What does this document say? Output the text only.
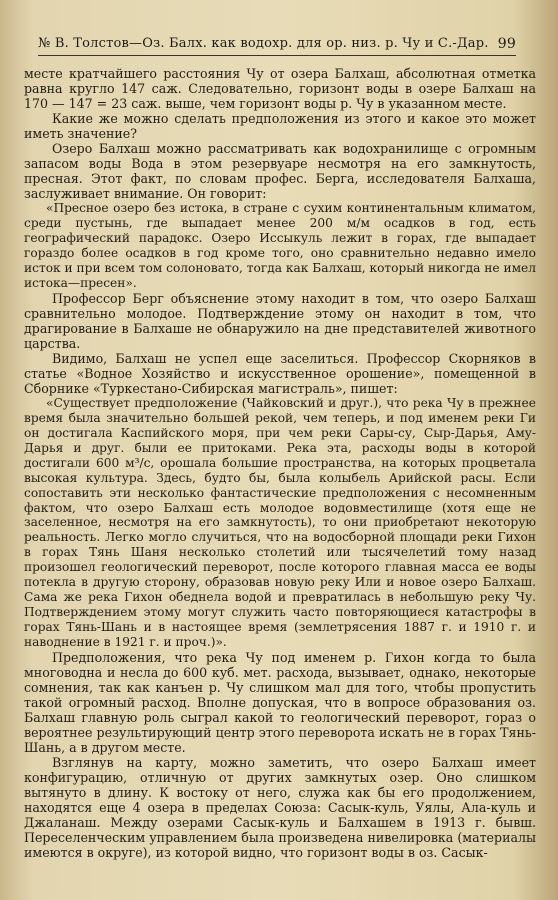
№ В. Толстов—Оз. Балх. как водохр. для ор. низ. р. Чу и С.-Дар. 99

месте кратчайшего расстояния Чу от озера Балхаш, абсолютная отметка равна кругло 147 саж. Следовательно, горизонт воды в озере Балхаш на 170 — 147 = 23 саж. выше, чем горизонт воды р. Чу в указанном месте.

Какие же можно сделать предположения из этого и какое это может иметь значение?

Озеро Балхаш можно рассматривать как водохранилище с огромным запасом воды Вода в этом резервуаре несмотря на его замкнутость, пресная. Этот факт, по словам профес. Берга, исследователя Балхаша, заслуживает внимание. Он говорит:

«Пресное озеро без истока, в стране с сухим континентальным климатом, среди пустынь, где выпадает менее 200 м/м осадков в год, есть географический парадокс. Озеро Иссыкуль лежит в горах, где выпадает гораздо более осадков в год кроме того, оно сравнительно недавно имело исток и при всем том солоновато, тогда как Балхаш, который никогда не имел истока—пресен».

Профессор Берг объяснение этому находит в том, что озеро Балхаш сравнительно молодое. Подтверждение этому он находит в том, что драгирование в Балхаше не обнаружило на дне представителей животного царства.

Видимо, Балхаш не успел еще заселиться. Профессор Скорняков в статье «Водное Хозяйство и искусственное орошение», помещенной в Сборнике «Туркестано-Сибирская магистраль», пишет:

«Существует предположение (Чайковский и друг.), что река Чу в прежнее время была значительно большей рекой, чем теперь, и под именем реки Ги он достигала Каспийского моря, при чем реки Сары-су, Сыр-Дарья, Аму-Дарья и друг. были ее притоками. Река эта, расходы воды в которой достигали 600 м³/с, орошала большие пространства, на которых процветала высокая культура. Здесь, будто бы, была колыбель Арийской расы. Если сопоставить эти несколько фантастические предположения с несомненным фактом, что озеро Балхаш есть молодое водовместилище (хотя еще не заселенное, несмотря на его замкнутость), то они приобретают некоторую реальность. Легко могло случиться, что на водосборной площади реки Гихон в горах Тянь Шаня несколько столетий или тысячелетий тому назад произошел геологический переворот, после которого главная масса ее воды потекла в другую сторону, образовав новую реку Или и новое озеро Балхаш. Сама же река Гихон обеднела водой и превратилась в небольшую реку Чу. Подтверждением этому могут служить часто повторяющиеся катастрофы в горах Тянь-Шань и в настоящее время (землетрясения 1887 г. и 1910 г. и наводнение в 1921 г. и проч.)».

Предположения, что река Чу под именем р. Гихон когда то была многоводна и несла до 600 куб. мет. расхода, вызывает, однако, некоторые сомнения, так как канъен р. Чу слишком мал для того, чтобы пропустить такой огромный расход. Вполне допуская, что в вопросе образования оз. Балхаш главную роль сыграл какой то геологический переворот, гораз о вероятнее результирующий центр этого переворота искать не в горах Тянь-Шань, а в другом месте.

Взглянув на карту, можно заметить, что озеро Балхаш имеет конфигурацию, отличную от других замкнутых озер. Оно слишком вытянуто в длину. К востоку от него, служа как бы его продолжением, находятся еще 4 озера в пределах Союза: Сасык-куль, Уялы, Ала-куль и Джаланаш. Между озерами Сасык-куль и Балхашем в 1913 г. бывш. Переселенческим управлением была произведена нивелировка (материалы имеются в округе), из которой видно, что горизонт воды в оз. Сасык-
